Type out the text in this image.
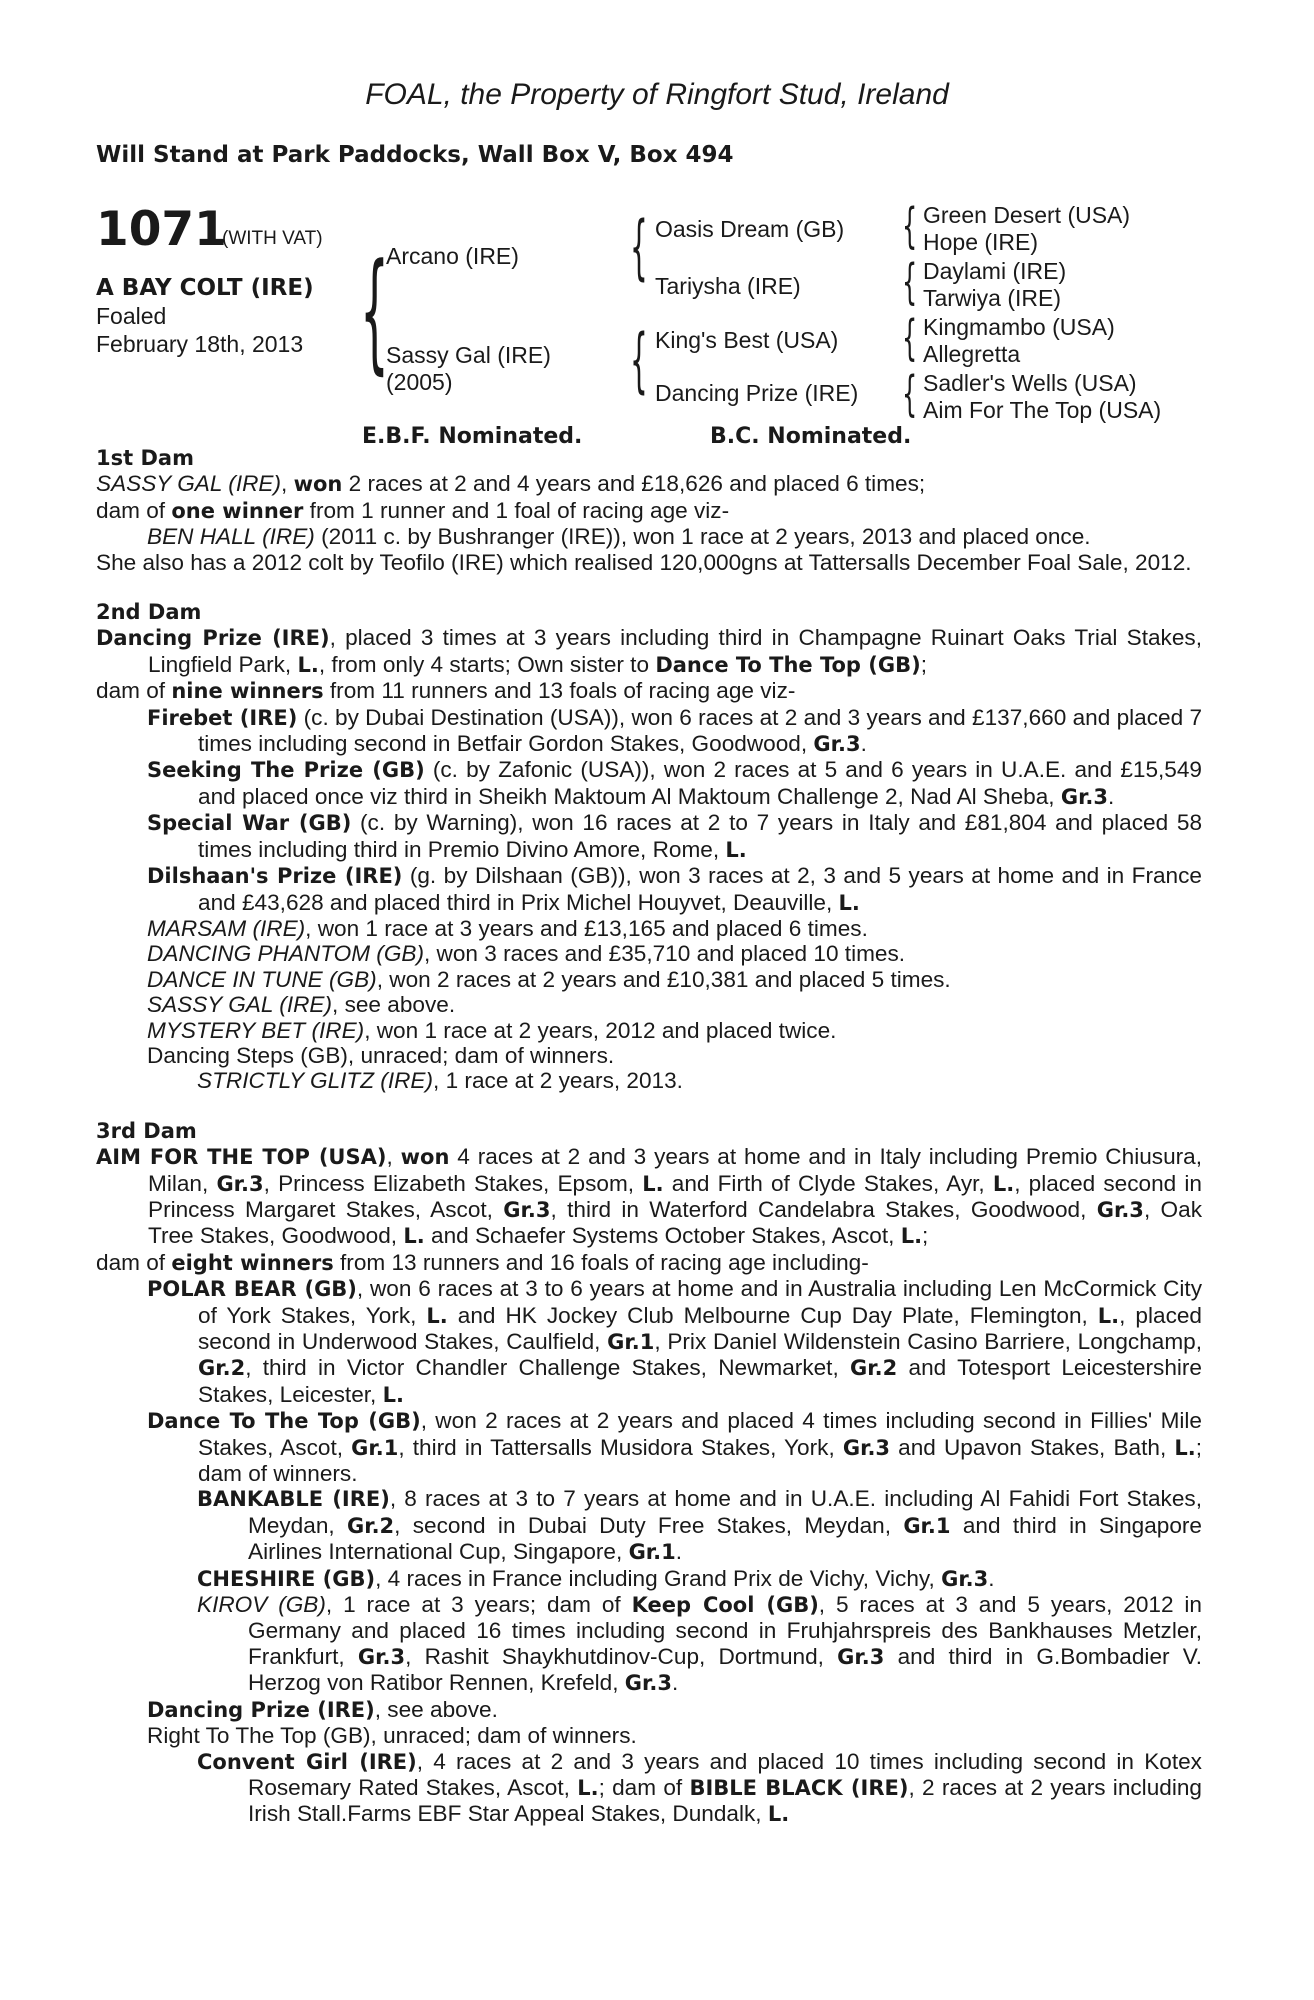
FOAL, the Property of Ringfort Stud, Ireland
Will Stand at Park Paddocks, Wall Box V, Box 494
1071
(WITH VAT)
A BAY COLT (IRE)
Foaled
February 18th, 2013 {
Arcano (IRE)
Sassy Gal (IRE)
(2005)
{ Oasis Dream (GB)
Tariysha (IRE)
{ King's Best (USA)
Dancing Prize (IRE)
{ Green Desert (USA)
Hope (IRE)
{ Daylami (IRE)
Tarwiya (IRE)
{ Kingmambo (USA)
Allegretta
{ Sadler's Wells (USA)
Aim For The Top (USA)
E.B.F. Nominated.	B.C. Nominated.

1st Dam

SASSY GAL (IRE), won 2 races at 2 and 4 years and £18,626 and placed 6 times;

dam of one winner from 1 runner and 1 foal of racing age viz-

BEN HALL (IRE) (2011 c. by Bushranger (IRE)), won 1 race at 2 years, 2013 and placed once.

She also has a 2012 colt by Teofilo (IRE) which realised 120,000gns at Tattersalls December Foal Sale, 2012.

2nd Dam

Dancing Prize (IRE), placed 3 times at 3 years including third in Champagne Ruinart Oaks Trial Stakes, Lingfield Park, L., from only 4 starts; Own sister to Dance To The Top (GB);

dam of nine winners from 11 runners and 13 foals of racing age viz-

Firebet (IRE) (c. by Dubai Destination (USA)), won 6 races at 2 and 3 years and £137,660 and placed 7 times including second in Betfair Gordon Stakes, Goodwood, Gr.3.

Seeking The Prize (GB) (c. by Zafonic (USA)), won 2 races at 5 and 6 years in U.A.E. and £15,549 and placed once viz third in Sheikh Maktoum Al Maktoum Challenge 2, Nad Al Sheba, Gr.3.

Special War (GB) (c. by Warning), won 16 races at 2 to 7 years in Italy and £81,804 and placed 58 times including third in Premio Divino Amore, Rome, L.

Dilshaan's Prize (IRE) (g. by Dilshaan (GB)), won 3 races at 2, 3 and 5 years at home and in France and £43,628 and placed third in Prix Michel Houyvet, Deauville, L.

MARSAM (IRE), won 1 race at 3 years and £13,165 and placed 6 times.

DANCING PHANTOM (GB), won 3 races and £35,710 and placed 10 times.

DANCE IN TUNE (GB), won 2 races at 2 years and £10,381 and placed 5 times.

SASSY GAL (IRE), see above.

MYSTERY BET (IRE), won 1 race at 2 years, 2012 and placed twice.

Dancing Steps (GB), unraced; dam of winners.

STRICTLY GLITZ (IRE), 1 race at 2 years, 2013.

3rd Dam

AIM FOR THE TOP (USA), won 4 races at 2 and 3 years at home and in Italy including Premio Chiusura, Milan, Gr.3, Princess Elizabeth Stakes, Epsom, L. and Firth of Clyde Stakes, Ayr, L., placed second in Princess Margaret Stakes, Ascot, Gr.3, third in Waterford Candelabra Stakes, Goodwood, Gr.3, Oak Tree Stakes, Goodwood, L. and Schaefer Systems October Stakes, Ascot, L.;

dam of eight winners from 13 runners and 16 foals of racing age including-

POLAR BEAR (GB), won 6 races at 3 to 6 years at home and in Australia including Len McCormick City of York Stakes, York, L. and HK Jockey Club Melbourne Cup Day Plate, Flemington, L., placed second in Underwood Stakes, Caulfield, Gr.1, Prix Daniel Wildenstein Casino Barriere, Longchamp, Gr.2, third in Victor Chandler Challenge Stakes, Newmarket, Gr.2 and Totesport Leicestershire Stakes, Leicester, L.

Dance To The Top (GB), won 2 races at 2 years and placed 4 times including second in Fillies' Mile Stakes, Ascot, Gr.1, third in Tattersalls Musidora Stakes, York, Gr.3 and Upavon Stakes, Bath, L.; dam of winners.

BANKABLE (IRE), 8 races at 3 to 7 years at home and in U.A.E. including Al Fahidi Fort Stakes, Meydan, Gr.2, second in Dubai Duty Free Stakes, Meydan, Gr.1 and third in Singapore Airlines International Cup, Singapore, Gr.1.

CHESHIRE (GB), 4 races in France including Grand Prix de Vichy, Vichy, Gr.3.

KIROV (GB), 1 race at 3 years; dam of Keep Cool (GB), 5 races at 3 and 5 years, 2012 in Germany and placed 16 times including second in Fruhjahrspreis des Bankhauses Metzler, Frankfurt, Gr.3, Rashit Shaykhutdinov-Cup, Dortmund, Gr.3 and third in G.Bombadier V. Herzog von Ratibor Rennen, Krefeld, Gr.3.

Dancing Prize (IRE), see above.

Right To The Top (GB), unraced; dam of winners.

Convent Girl (IRE), 4 races at 2 and 3 years and placed 10 times including second in Kotex Rosemary Rated Stakes, Ascot, L.; dam of BIBLE BLACK (IRE), 2 races at 2 years including Irish Stall.Farms EBF Star Appeal Stakes, Dundalk, L.
